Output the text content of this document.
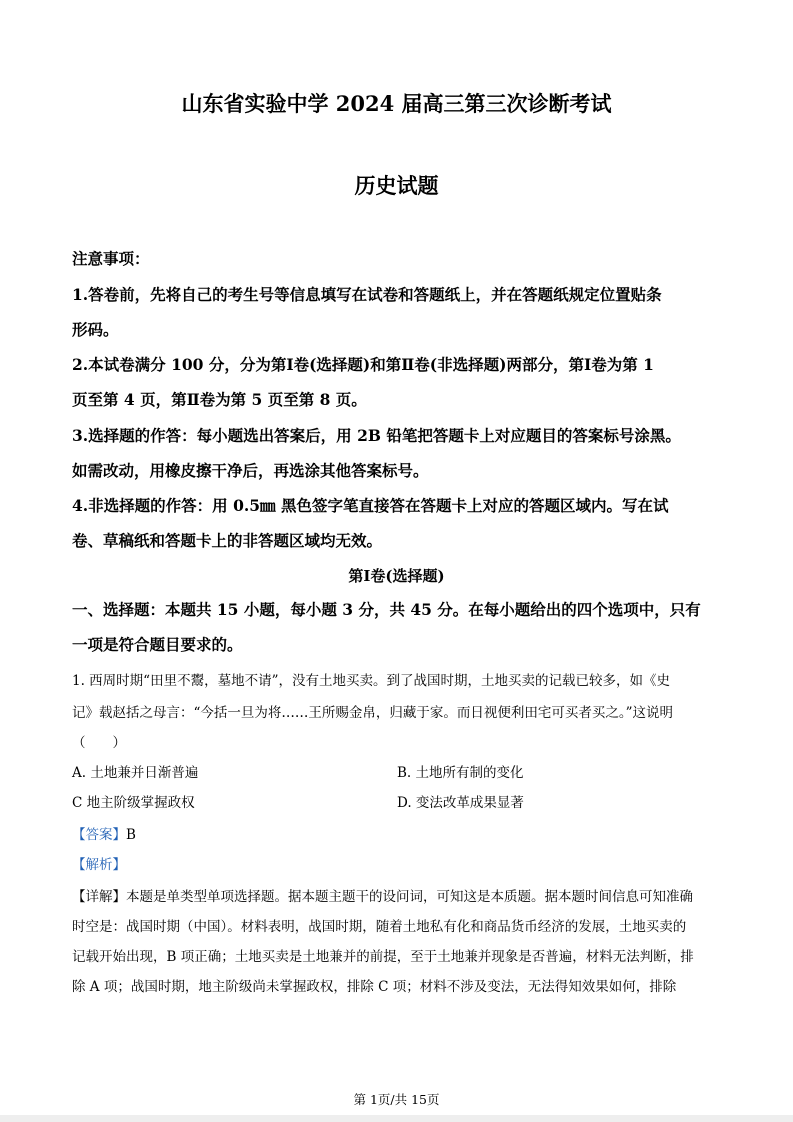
山东省实验中学 2024 届高三第三次诊断考试
历史试题
注意事项：
1.答卷前，先将自己的考生号等信息填写在试卷和答题纸上，并在答题纸规定位置贴条
形码。
2.本试卷满分 100 分，分为第Ⅰ卷(选择题)和第Ⅱ卷(非选择题)两部分，第Ⅰ卷为第 1
页至第 4 页，第Ⅱ卷为第 5 页至第 8 页。
3.选择题的作答：每小题选出答案后，用 2B 铅笔把答题卡上对应题目的答案标号涂黑。
如需改动，用橡皮擦干净后，再选涂其他答案标号。
4.非选择题的作答：用 0.5㎜ 黑色签字笔直接答在答题卡上对应的答题区域内。写在试
卷、草稿纸和答题卡上的非答题区域均无效。
第Ⅰ卷(选择题)
一、选择题：本题共 15 小题，每小题 3 分，共 45 分。在每小题给出的四个选项中，只有
一项是符合题目要求的。
1. 西周时期“田里不鬻，墓地不请”，没有土地买卖。到了战国时期，土地买卖的记载已较多，如《史
记》载赵括之母言：“今括一旦为将……王所赐金帛，归藏于家。而日视便利田宅可买者买之。”这说明
（　　）
A. 土地兼并日渐普遍	B. 土地所有制的变化
C 地主阶级掌握政权	D. 变法改革成果显著
【答案】B
【解析】
【详解】本题是单类型单项选择题。据本题主题干的设问词，可知这是本质题。据本题时间信息可知准确
时空是：战国时期（中国）。材料表明，战国时期，随着土地私有化和商品货币经济的发展，土地买卖的
记载开始出现，B 项正确；土地买卖是土地兼并的前提，至于土地兼并现象是否普遍，材料无法判断，排
除 A 项；战国时期，地主阶级尚未掌握政权，排除 C 项；材料不涉及变法，无法得知效果如何，排除
第 1页/共 15页
